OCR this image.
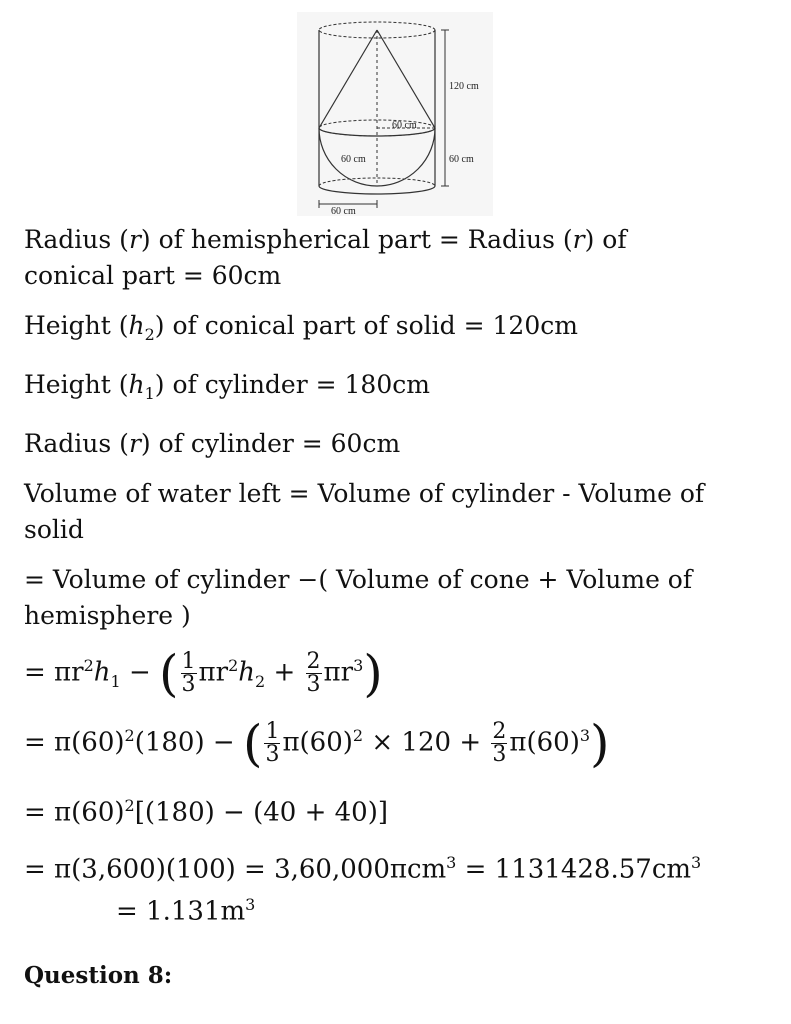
120 cm
60 cm
60 cm	60 cm
60 cm
Radius (r) of hemispherical part = Radius (r) of
conical part = 60cm
Height $(h_2)$ of conical part of solid = 120cm
Height $(h_1)$ of cylinder = 180cm
Radius (r) of cylinder = 60cm
Volume of water left = Volume of cylinder - Volume of
solid
= Volume of cylinder −( Volume of cone + Volume of
hemisphere )
= $\pi r^2h_1$ − ( $\frac{1}{3} \pi r^2h_2 + \frac{2}{3} \pi r^3$)
= $\pi(60)^2(180)$ − ( $\frac{1}{3} \pi(60)^2 \times 120 + \frac{2}{3} \pi(60)^3$)
= $\pi(60)^2[(180) - (40 + 40)]$
= $\pi(3,600)(100) = 3,60,000\pi cm^3 = 1131428.57cm^3$
= $1.131m^3$
Question 8:
